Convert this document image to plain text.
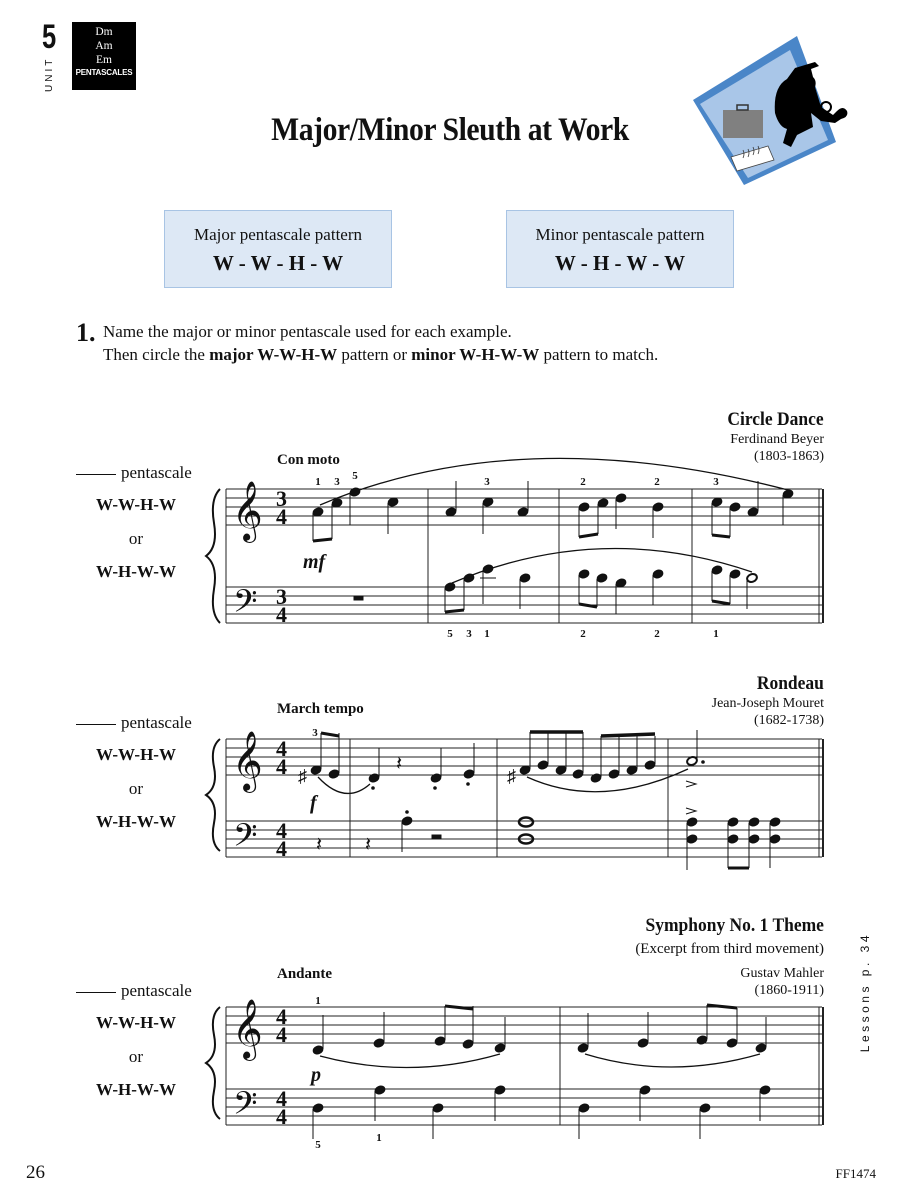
5
UNIT
Dm
Am
Em
PENTASCALES
Major/Minor Sleuth at Work
Major pentascale pattern
W - W - H - W
Minor pentascale pattern
W - H - W - W
1. Name the major or minor pentascale used for each example.
Then circle the major W-W-H-W pattern or minor W-H-W-W pattern to match.
pentascale
W-W-H-W
or
W-H-W-W
Circle Dance
Ferdinand Beyer
(1803-1863)
Con moto
pentascale
W-W-H-W
or
W-H-W-W
Rondeau
Jean-Joseph Mouret
(1682-1738)
March tempo
pentascale
W-W-H-W
or
W-H-W-W
Symphony No. 1 Theme
(Excerpt from third movement)
Gustav Mahler
(1860-1911)
Andante
𝄞
𝄞
𝄞
𝄢
𝄢
𝄢
3
4
3
4
4
4
4
4
4
4
4
4
mf
f
p
1 3 5	3	2	2	3
5 3 1	2	2	1
3
1
5
1
♯
𝄽
♯
𝄽 𝄽
Lessons p. 34
26	FF1474
